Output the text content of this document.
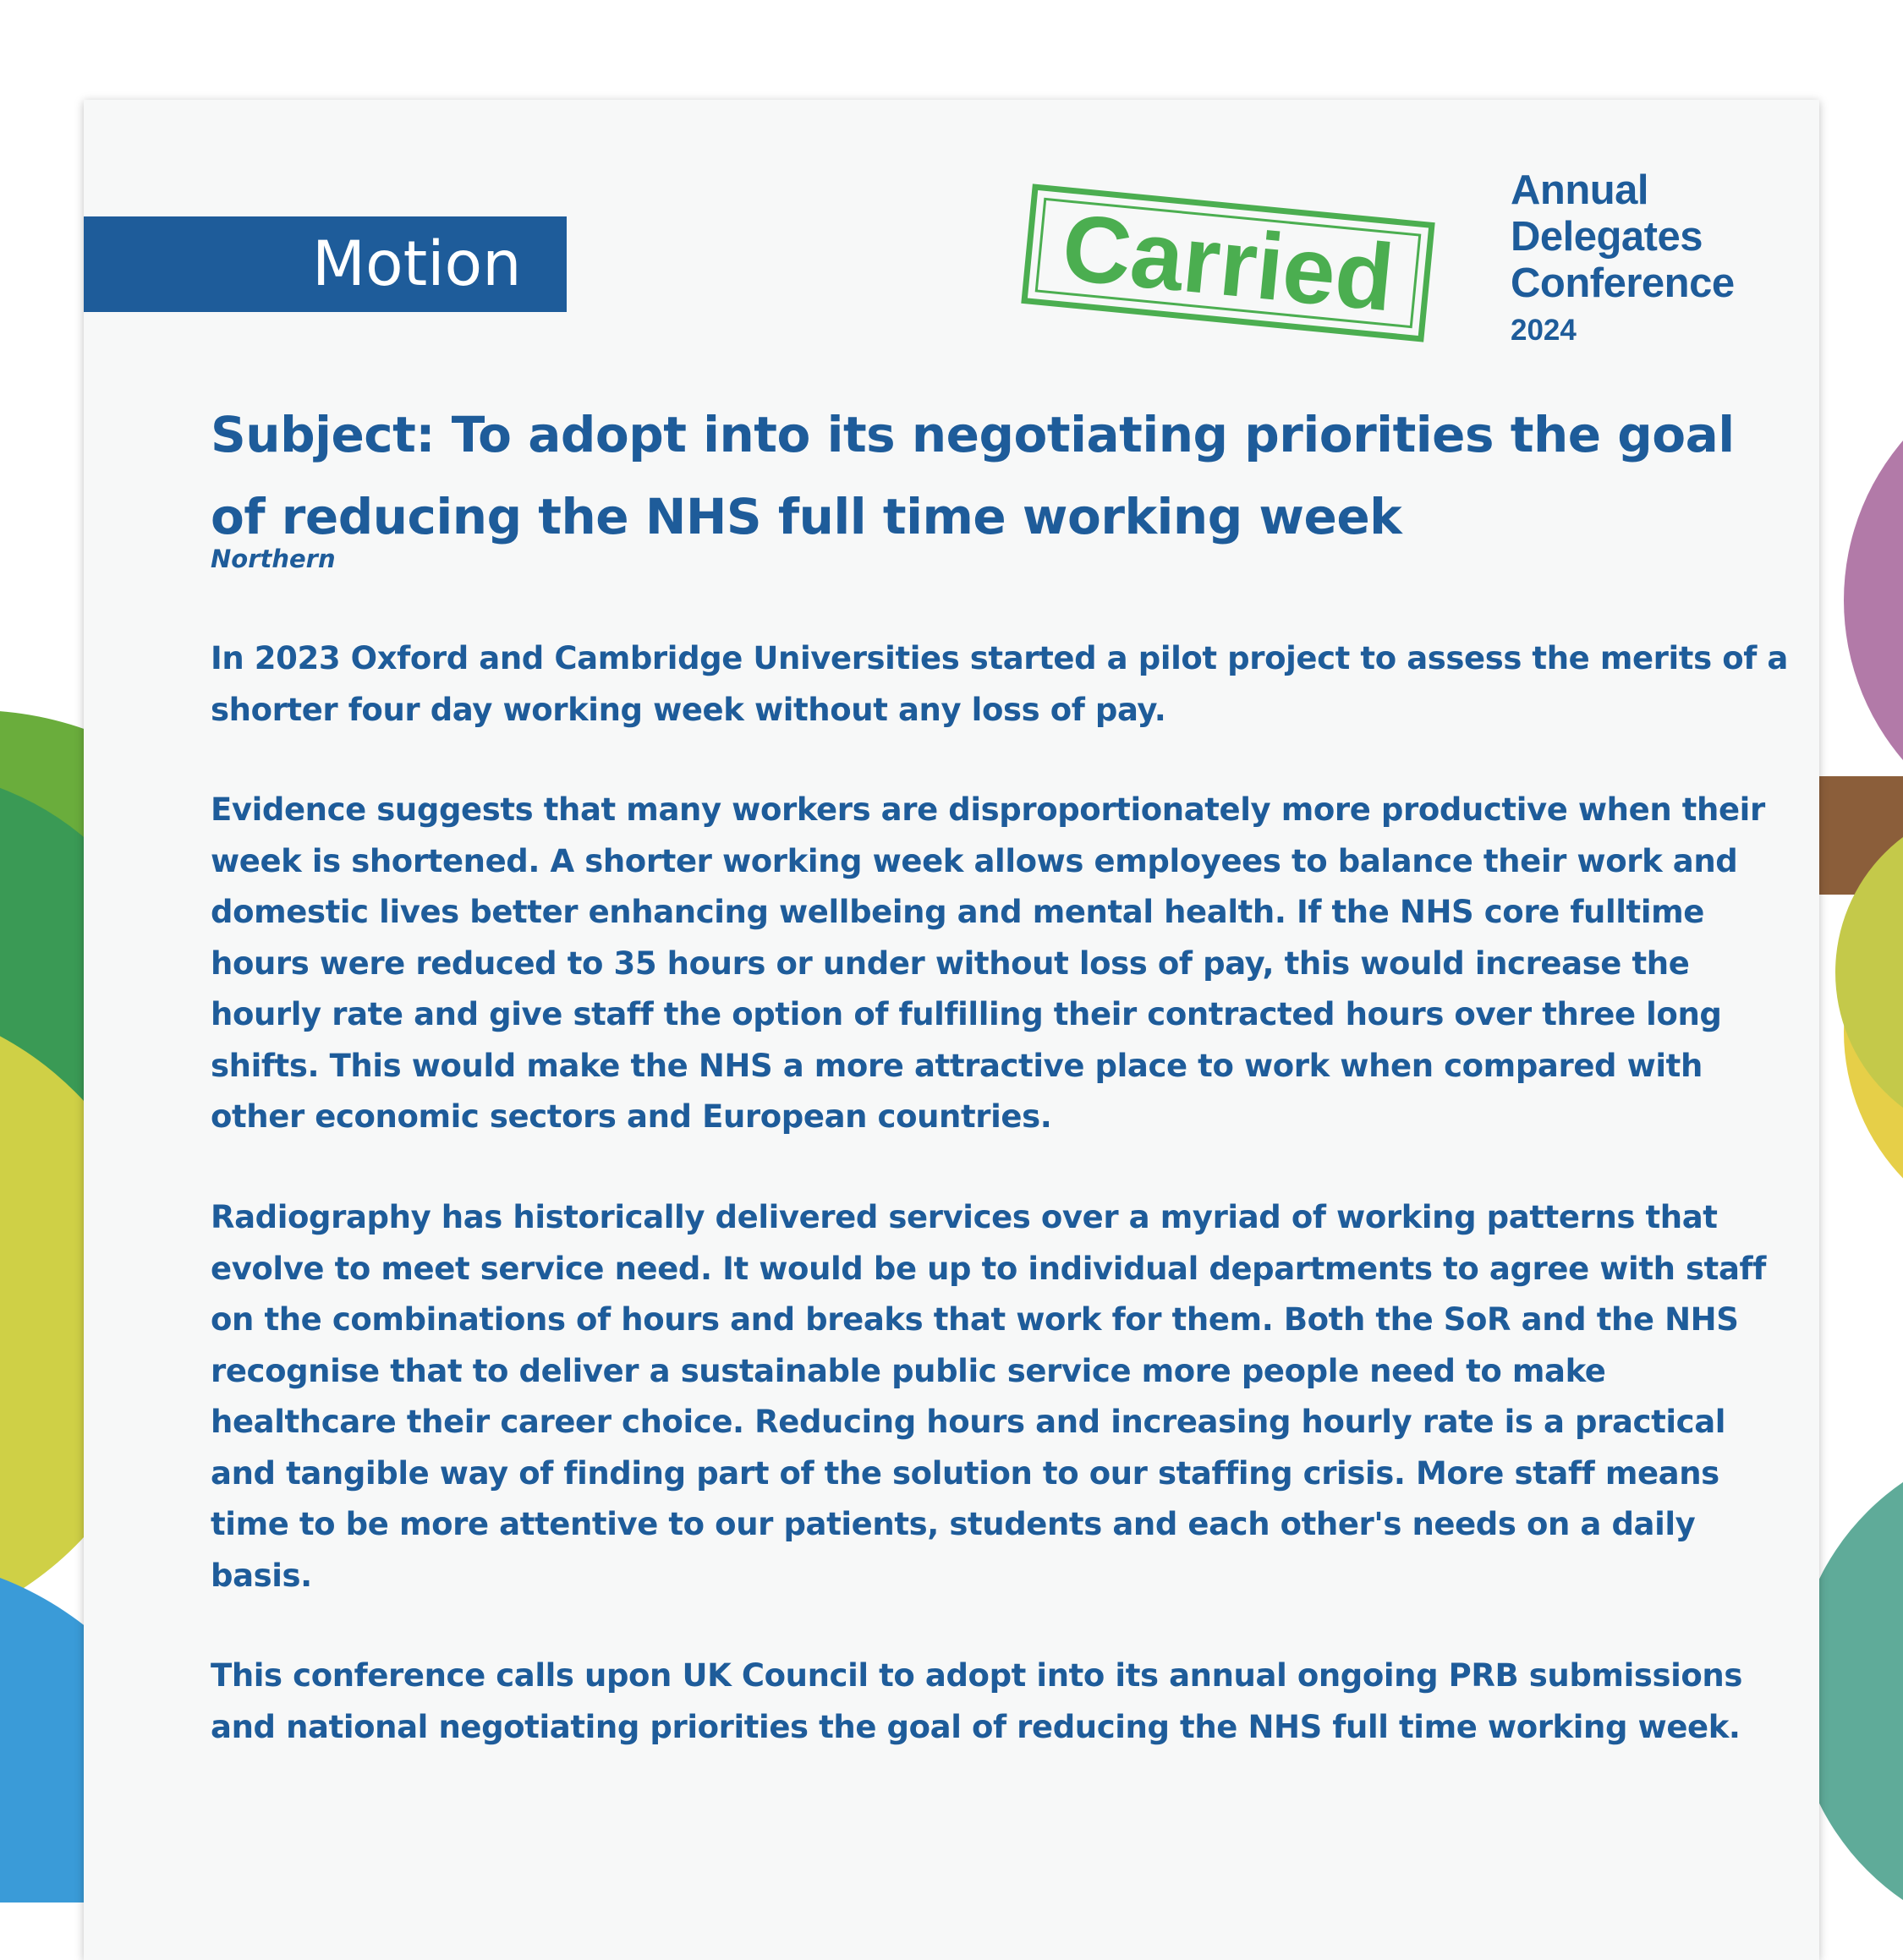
Motion	Carried
Annual
Delegates
Conference
2024
Subject: To adopt into its negotiating priorities the goal of reducing the NHS full time working week
Northern

In 2023 Oxford and Cambridge Universities started a pilot project to assess the merits of a shorter four day working week without any loss of pay.

Evidence suggests that many workers are disproportionately more productive when their week is shortened. A shorter working week allows employees to balance their work and domestic lives better enhancing wellbeing and mental health. If the NHS core fulltime hours were reduced to 35 hours or under without loss of pay, this would increase the hourly rate and give staff the option of fulfilling their contracted hours over three long shifts. This would make the NHS a more attractive place to work when compared with other economic sectors and European countries.

Radiography has historically delivered services over a myriad of working patterns that evolve to meet service need. It would be up to individual departments to agree with staff on the combinations of hours and breaks that work for them. Both the SoR and the NHS recognise that to deliver a sustainable public service more people need to make healthcare their career choice. Reducing hours and increasing hourly rate is a practical and tangible way of finding part of the solution to our staffing crisis. More staff means time to be more attentive to our patients, students and each other's needs on a daily basis.

This conference calls upon UK Council to adopt into its annual ongoing PRB submissions and national negotiating priorities the goal of reducing the NHS full time working week.
